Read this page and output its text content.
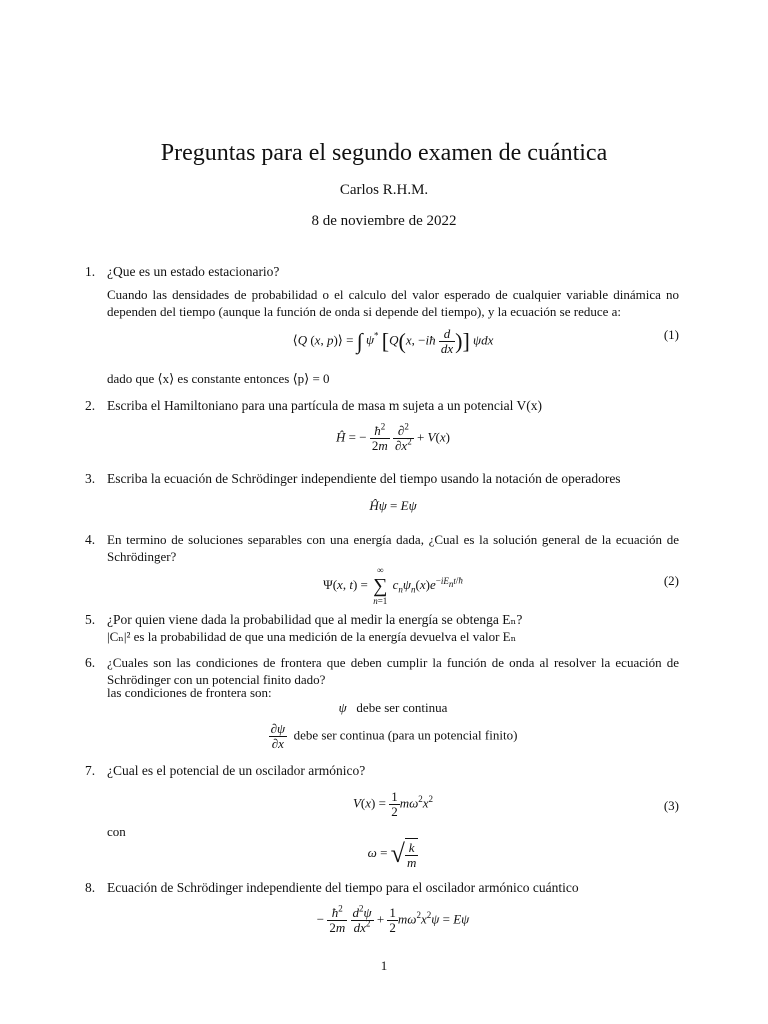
Preguntas para el segundo examen de cuántica
Carlos R.H.M.
8 de noviembre de 2022
1. ¿Que es un estado estacionario?
Cuando las densidades de probabilidad o el calculo del valor esperado de cualquier variable dinámica no dependen del tiempo (aunque la función de onda si depende del tiempo), y la ecuación se reduce a:
⟨Q (x, p)⟩ = ∫ ψ* [Q(x, −iħ $\frac{d}{dx}$ )] ψdx	(1)
dado que ⟨x⟩ es constante entonces ⟨p⟩ = 0
2. Escriba el Hamiltoniano para una partícula de masa m sujeta a un potencial V(x)
Ĥ = − $\frac{ħ^2}{2m}$
$\frac{\partial^2}{\partial x^2} + V(x)$
3. Escriba la ecuación de Schrödinger independiente del tiempo usando la notación de operadores
Ĥψ = Eψ
4. En termino de soluciones separables con una energía dada, ¿Cual es la solución general de la ecuación de Schrödinger?
Ψ(x, t) =
∞
∑
n=1
$c_n\psi_n(x)e^{-iE_nt/ħ}$	(2)
5. ¿Por quien viene dada la probabilidad que al medir la energía se obtenga Eₙ?
|Cₙ|² es la probabilidad de que una medición de la energía devuelva el valor Eₙ
6. ¿Cuales son las condiciones de frontera que deben cumplir la función de onda al resolver la ecuación de Schrödinger con un potencial finito dado?
las condiciones de frontera son:
ψ debe ser continua
$\frac{\partial\psi}{\partial x}$ debe ser continua (para un potencial finito)
7. ¿Cual es el potencial de un oscilador armónico?
$V(x) = \frac{1}{2} m\omega^2x^2$	(3)
con
ω = √ $\frac{k}{m}$
8. Ecuación de Schrödinger independiente del tiempo para el oscilador armónico cuántico
− $\frac{ħ^2}{2m}$
$\frac{d^2\psi}{dx^2} + \frac{1}{2} m\omega^2x^2\psi = E\psi$
1
